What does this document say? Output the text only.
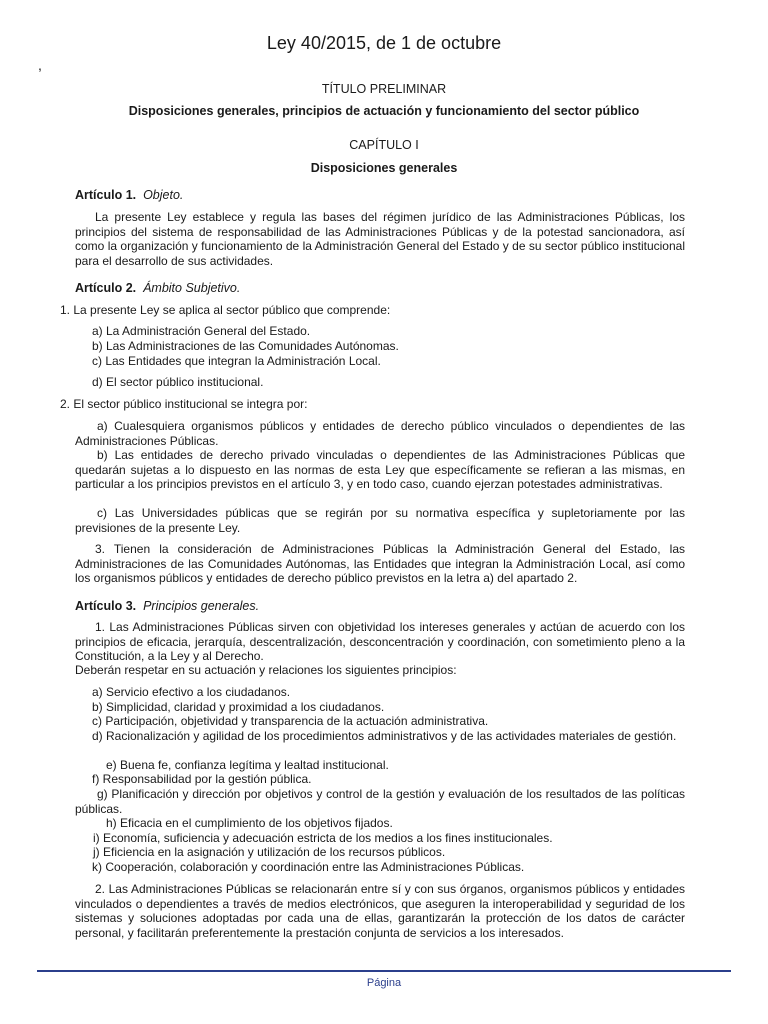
Ley 40/2015, de 1 de octubre
,
TÍTULO PRELIMINAR
Disposiciones generales, principios de actuación y funcionamiento del sector público
CAPÍTULO I
Disposiciones generales
Artículo 1. Objeto.
La presente Ley establece y regula las bases del régimen jurídico de las Administraciones Públicas, los principios del sistema de responsabilidad de las Administraciones Públicas y de la potestad sancionadora, así como la organización y funcionamiento de la Administración General del Estado y de su sector público institucional para el desarrollo de sus actividades.
Artículo 2. Ámbito Subjetivo.
1. La presente Ley se aplica al sector público que comprende:
a) La Administración General del Estado.
b) Las Administraciones de las Comunidades Autónomas.
c) Las Entidades que integran la Administración Local.
d) El sector público institucional.
2. El sector público institucional se integra por:
a) Cualesquiera organismos públicos y entidades de derecho público vinculados o dependientes de las Administraciones Públicas.
b) Las entidades de derecho privado vinculadas o dependientes de las Administraciones Públicas que quedarán sujetas a lo dispuesto en las normas de esta Ley que específicamente se refieran a las mismas, en particular a los principios previstos en el artículo 3, y en todo caso, cuando ejerzan potestades administrativas.
c) Las Universidades públicas que se regirán por su normativa específica y supletoriamente por las previsiones de la presente Ley.
3. Tienen la consideración de Administraciones Públicas la Administración General del Estado, las Administraciones de las Comunidades Autónomas, las Entidades que integran la Administración Local, así como los organismos públicos y entidades de derecho público previstos en la letra a) del apartado 2.
Artículo 3. Principios generales.
1. Las Administraciones Públicas sirven con objetividad los intereses generales y actúan de acuerdo con los principios de eficacia, jerarquía, descentralización, desconcentración y coordinación, con sometimiento pleno a la Constitución, a la Ley y al Derecho.
Deberán respetar en su actuación y relaciones los siguientes principios:
a) Servicio efectivo a los ciudadanos.
b) Simplicidad, claridad y proximidad a los ciudadanos.
c) Participación, objetividad y transparencia de la actuación administrativa.
d) Racionalización y agilidad de los procedimientos administrativos y de las actividades materiales de gestión.
e) Buena fe, confianza legítima y lealtad institucional.
f) Responsabilidad por la gestión pública.
g) Planificación y dirección por objetivos y control de la gestión y evaluación de los resultados de las políticas públicas.
h) Eficacia en el cumplimiento de los objetivos fijados.
i) Economía, suficiencia y adecuación estricta de los medios a los fines institucionales.
j) Eficiencia en la asignación y utilización de los recursos públicos.
k) Cooperación, colaboración y coordinación entre las Administraciones Públicas.
2. Las Administraciones Públicas se relacionarán entre sí y con sus órganos, organismos públicos y entidades vinculados o dependientes a través de medios electrónicos, que aseguren la interoperabilidad y seguridad de los sistemas y soluciones adoptadas por cada una de ellas, garantizarán la protección de los datos de carácter personal, y facilitarán preferentemente la prestación conjunta de servicios a los interesados.
Página
